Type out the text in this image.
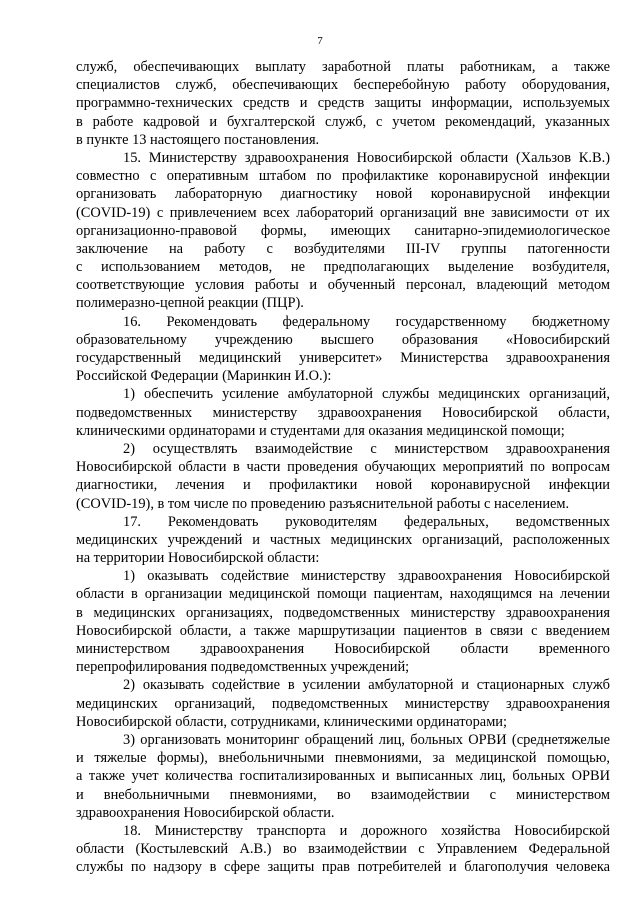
7
служб, обеспечивающих выплату заработной платы работникам, а также
специалистов служб, обеспечивающих бесперебойную работу оборудования,
программно-технических средств и средств защиты информации, используемых
в работе кадровой и бухгалтерской служб, с учетом рекомендаций, указанных
в пункте 13 настоящего постановления.
15. Министерству здравоохранения Новосибирской области (Хальзов К.В.)
совместно с оперативным штабом по профилактике коронавирусной инфекции
организовать лабораторную диагностику новой коронавирусной инфекции
(COVID-19) с привлечением всех лабораторий организаций вне зависимости от их
организационно-правовой формы, имеющих санитарно-эпидемиологическое
заключение на работу с возбудителями III-IV группы патогенности
с использованием методов, не предполагающих выделение возбудителя,
соответствующие условия работы и обученный персонал, владеющий методом
полимеразно-цепной реакции (ПЦР).
16. Рекомендовать федеральному государственному бюджетному
образовательному учреждению высшего образования «Новосибирский
государственный медицинский университет» Министерства здравоохранения
Российской Федерации (Маринкин И.О.):
1) обеспечить усиление амбулаторной службы медицинских организаций,
подведомственных министерству здравоохранения Новосибирской области,
клиническими ординаторами и студентами для оказания медицинской помощи;
2) осуществлять взаимодействие с министерством здравоохранения
Новосибирской области в части проведения обучающих мероприятий по вопросам
диагностики, лечения и профилактики новой коронавирусной инфекции
(COVID-19), в том числе по проведению разъяснительной работы с населением.
17. Рекомендовать руководителям федеральных, ведомственных
медицинских учреждений и частных медицинских организаций, расположенных
на территории Новосибирской области:
1) оказывать содействие министерству здравоохранения Новосибирской
области в организации медицинской помощи пациентам, находящимся на лечении
в медицинских организациях, подведомственных министерству здравоохранения
Новосибирской области, а также маршрутизации пациентов в связи с введением
министерством здравоохранения Новосибирской области временного
перепрофилирования подведомственных учреждений;
2) оказывать содействие в усилении амбулаторной и стационарных служб
медицинских организаций, подведомственных министерству здравоохранения
Новосибирской области, сотрудниками, клиническими ординаторами;
3) организовать мониторинг обращений лиц, больных ОРВИ (среднетяжелые
и тяжелые формы), внебольничными пневмониями, за медицинской помощью,
а также учет количества госпитализированных и выписанных лиц, больных ОРВИ
и внебольничными пневмониями, во взаимодействии с министерством
здравоохранения Новосибирской области.
18. Министерству транспорта и дорожного хозяйства Новосибирской
области (Костылевский А.В.) во взаимодействии с Управлением Федеральной
службы по надзору в сфере защиты прав потребителей и благополучия человека
